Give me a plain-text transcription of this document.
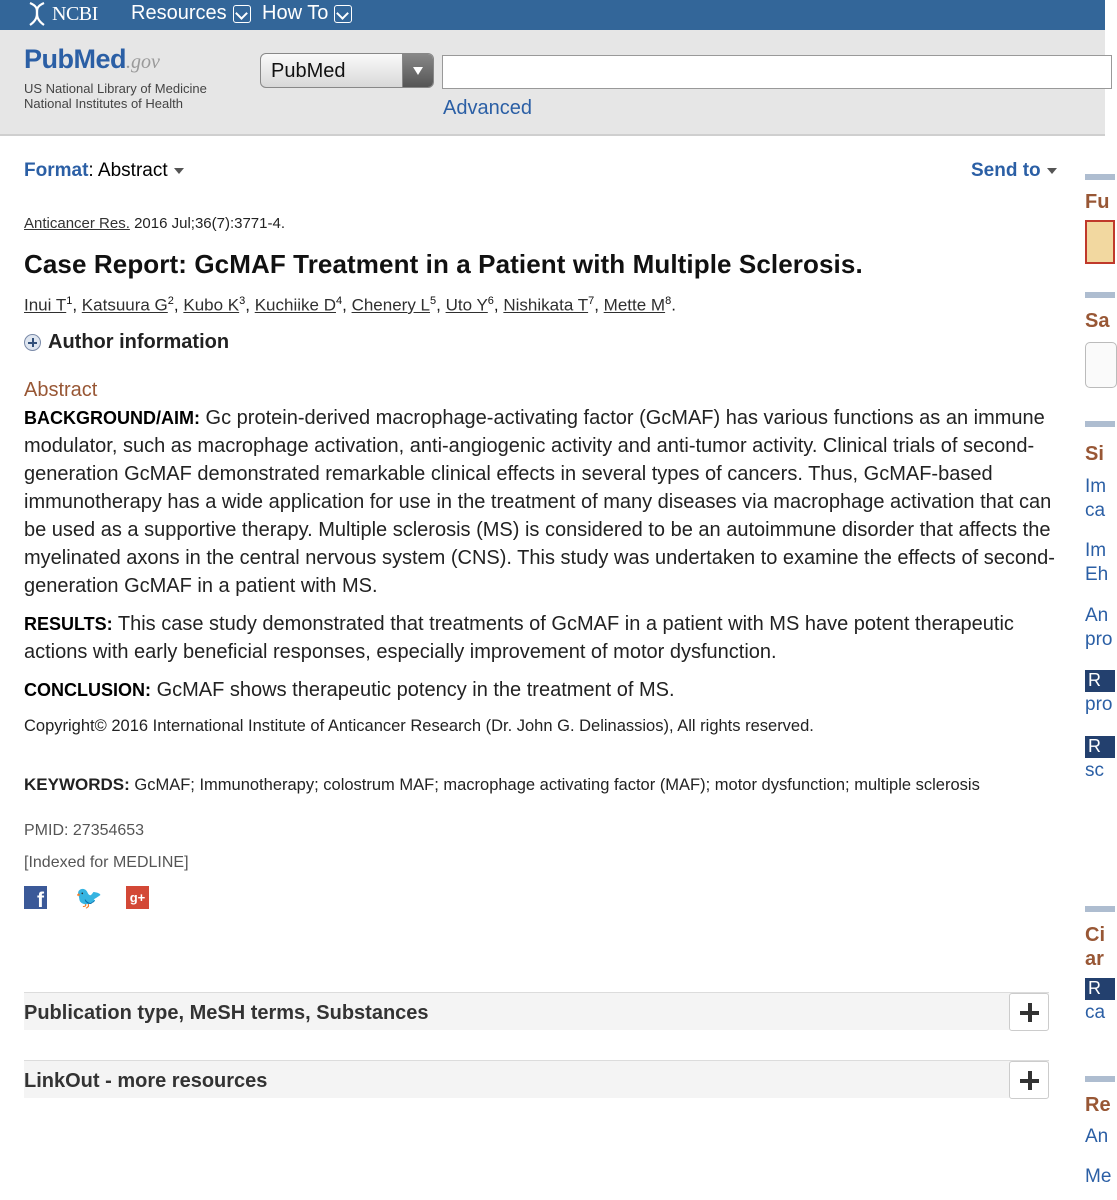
NCBI Resources How To
PubMed.gov
US National Library of Medicine
National Institutes of Health
PubMed
Advanced
Format: Abstract	Send to
Anticancer Res. 2016 Jul;36(7):3771-4.
Case Report: GcMAF Treatment in a Patient with Multiple Sclerosis.
Inui $T^1$, Katsuura $G^2$, Kubo $K^3$, Kuchiike $D^4$, Chenery $L^5$, Uto $Y^6$, Nishikata $T^7$, Mette $M^8$.
Author information
Abstract
BACKGROUND/AIM: Gc protein-derived macrophage-activating factor (GcMAF) has various functions as an immune modulator, such as macrophage activation, anti-angiogenic activity and anti-tumor activity. Clinical trials of second-generation GcMAF demonstrated remarkable clinical effects in several types of cancers. Thus, GcMAF-based immunotherapy has a wide application for use in the treatment of many diseases via macrophage activation that can be used as a supportive therapy. Multiple sclerosis (MS) is considered to be an autoimmune disorder that affects the myelinated axons in the central nervous system (CNS). This study was undertaken to examine the effects of second-generation GcMAF in a patient with MS.
RESULTS: This case study demonstrated that treatments of GcMAF in a patient with MS have potent therapeutic actions with early beneficial responses, especially improvement of motor dysfunction.
CONCLUSION: GcMAF shows therapeutic potency in the treatment of MS.
Copyright© 2016 International Institute of Anticancer Research (Dr. John G. Delinassios), All rights reserved.
KEYWORDS: GcMAF; Immunotherapy; colostrum MAF; macrophage activating factor (MAF); motor dysfunction; multiple sclerosis
PMID: 27354653
[Indexed for MEDLINE]
f
🐦 g+
Publication type, MeSH terms, Substances
LinkOut - more resources
Fu
Sa
Si
Im
ca
Im
Eh
An
pro
R
pro
R
sc
Ci
ar
R
ca
Re
An
Me
